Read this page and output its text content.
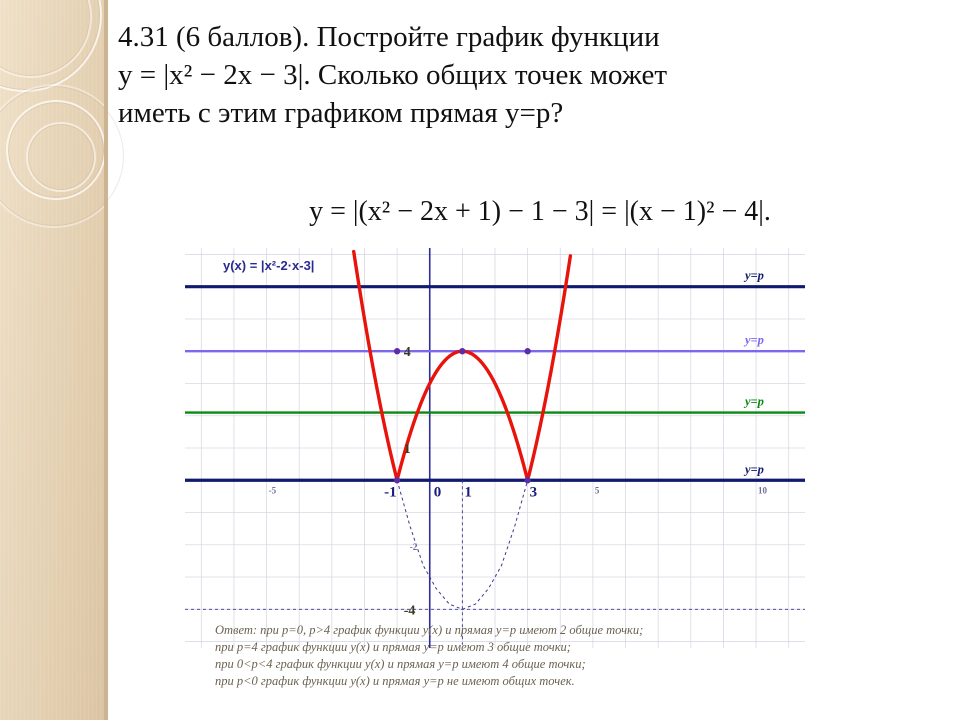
4.31 (6 баллов). Постройте график функции
y = |x² − 2x − 3|. Сколько общих точек может
иметь с этим графиком прямая y=p?
y = |(x² − 2x + 1) − 1 − 3| = |(x − 1)² − 4|.
y=p
y=p
y=p
y=p
-5	-1 0 1	3	5	10
-4
-2
1
4
y(x) = |x²-2·x-3|
Ответ: при p=0, p>4 график функции y(x) и прямая y=p имеют 2 общие точки;
при p=4 график функции y(x) и прямая y=p имеют 3 общие точки;
при 0<p<4 график функции y(x) и прямая y=p имеют 4 общие точки;
при p<0 график функции y(x) и прямая y=p не имеют общих точек.
